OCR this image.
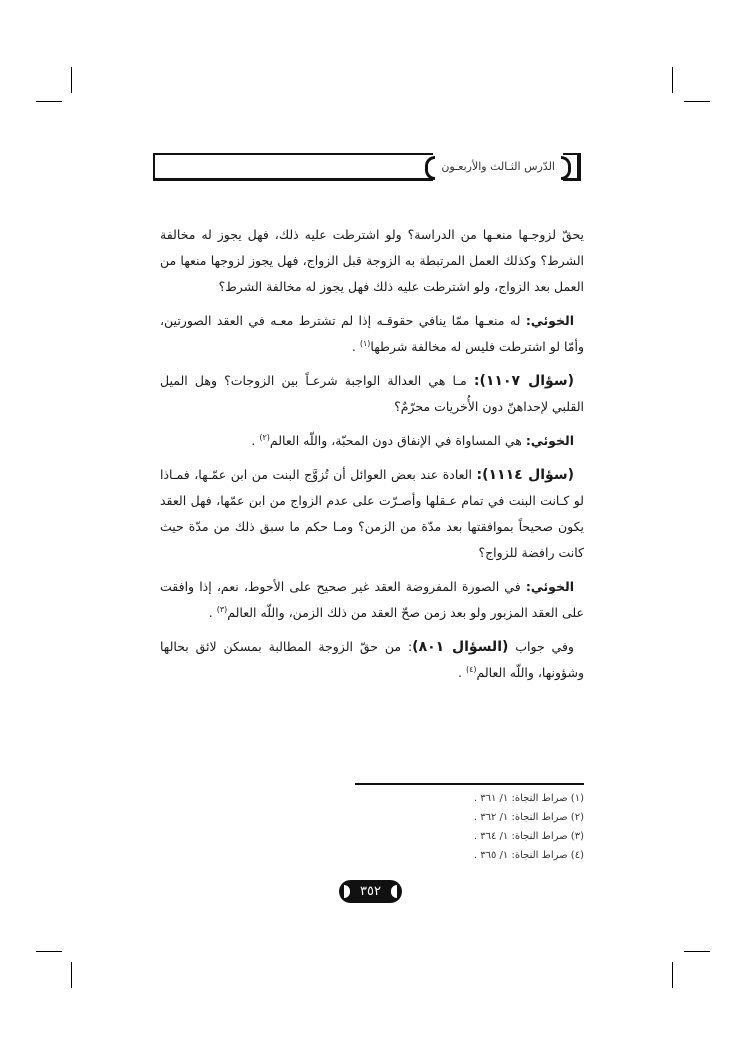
الدّرس الثـالث والأربعـون

يحقّ لزوجـها منعـها من الدراسة؟ ولو اشترطت عليه ذلك، فهل يجوز له مخالفة الشرط؟ وكذلك العمل المرتبطة به الزوجة قبل الزواج، فهل يجوز لزوجها منعها من العمل بعد الزواج، ولو اشترطت عليه ذلك فهل يجوز له مخالفة الشرط؟

الخوئي: له منعـها ممّا ينافي حقوقـه إذا لم تشترط معـه في العقد الصورتين، وأمّا لو اشترطت فليس له مخالفة شرطها$^{(١)}$ .

(سؤال ١١٠٧): مـا هي العدالة الواجبة شرعـاً بين الزوجات؟ وهل الميل القلبي لإحداهنّ دون الأُخريات محرّمٌ؟

الخوئي: هي المساواة في الإنفاق دون المحبّة، واللّه العالم$^{(٢)}$ .

(سؤال ١١١٤): العادة عند بعض العوائل أن تُزوَّج البنت من ابن عمّـها، فمـاذا لو كـانت البنت في تمام عـقلها وأصـرّت على عدم الزواج من ابن عمّها، فهل العقد يكون صحيحاً بموافقتها بعد مدّة من الزمن؟ ومـا حكم ما سبق ذلك من مدّة حيث كانت رافضة للزواج؟

الخوئي: في الصورة المفروضة العقد غير صحيح على الأحوط، نعم، إذا وافقت على العقد المزبور ولو بعد زمن صحّ العقد من ذلك الزمن، واللّه العالم$^{(٣)}$ .

وفي جواب (السؤال ٨٠١): من حقّ الزوجة المطالبة بمسكن لائق بحالها وشؤونها، واللّه العالم$^{(٤)}$ .

(١) صراط النجاة: ١/ ٣٦١ .
(٢) صراط النجاة: ١/ ٣٦٢ .
(٣) صراط النجاة: ١/ ٣٦٤ .
(٤) صراط النجاة: ١/ ٣٦٥ .
٣٥٢
